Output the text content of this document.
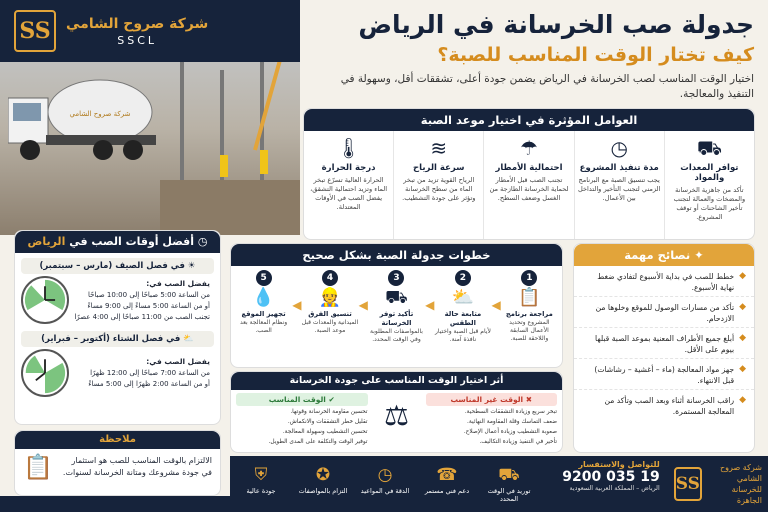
شركة صروح الشامي
SS	شركة صروح الشامي
SSCL
جدولة صب الخرسانة في الرياض
كيف تختار الوقت المناسب للصبة؟
اختيار الوقت المناسب لصب الخرسانة في الرياض يضمن جودة أعلى، تشققات أقل، وسهولة في التنفيذ والمعالجة.
العوامل المؤثرة في اختيار موعد الصبة
⛟
توافر المعدات والمواد
تأكد من جاهزية الخرسانة والمضخات والعمالة لتجنب تأخير الشاحنات أو توقف المشروع.
◷
مدة تنفيذ المشروع
يجب تنسيق الصبة مع البرنامج الزمني لتجنب التأخير والتداخل بين الأعمال.
☂
احتمالية الأمطار
تجنب الصب قبل الأمطار لحماية الخرسانة الطازجة من الغسل وضعف السطح.
≋
سرعة الرياح
الرياح القوية تزيد من تبخر الماء من سطح الخرسانة وتؤثر على جودة التشطيب.
🌡
درجة الحرارة
الحرارة العالية تسرّع تبخر الماء وتزيد احتمالية التشقق، يفضل الصب في الأوقات المعتدلة.
◷ أفضل أوقات الصب في الرياض
☀ في فصل الصيف (مارس – سبتمبر)
يفضل الصب في:
من الساعة 5:00 صباحًا إلى 10:00 صباحًا
أو من الساعة 5:00 مساءً إلى 9:00 مساءً
تجنب الصب من 11:00 صباحًا إلى 4:00 عصرًا
⛅ في فصل الشتاء (أكتوبر – فبراير)
يفضل الصب في:
من الساعة 7:00 صباحًا إلى 12:00 ظهرًا
أو من الساعة 2:00 ظهرًا إلى 5:00 مساءً
خطوات جدولة الصبة بشكل صحيح
1
📋
مراجعة برنامج
المشروع وتحديد الأعمال السابقة واللاحقة للصبة.
◀
2
⛅
متابعة حالة الطقس
لأيام قبل الصبة واختيار نافذة آمنة.
◀
3
⛟
تأكيد توفر الخرسانة
بالمواصفات المطلوبة وفي الوقت المحدد.
◀
4
👷
تنسيق الفرق
الميدانية والمعدات قبل موعد الصبة.
◀
5
💧
تجهيز الموقع
ونظام المعالجة بعد الصب.
أثر اختيار الوقت المناسب على جودة الخرسانة
✖ الوقت غير المناسب
تبخر سريع وزيادة التشققات السطحية.
ضعف التماسك وقلة المقاومة النهائية.
صعوبة التشطيب وزيادة أعمال الإصلاح.
تأخير في التنفيذ وزيادة التكاليف.
⚖
✔ الوقت المناسب
تحسين مقاومة الخرسانة وقوتها.
تقليل خطر التشققات والانكماش.
تحسين التشطيب وسهولة المعالجة.
توفير الوقت والتكلفة على المدى الطويل.
✦ نصائح مهمة
◆
خطط للصب في بداية الأسبوع لتفادي ضغط نهاية الأسبوع.
◆
تأكد من مسارات الوصول للموقع وخلوها من الازدحام.
◆
أبلغ جميع الأطراف المعنية بموعد الصبة قبلها بيوم على الأقل.
◆
جهز مواد المعالجة (ماء – أغشية – رشاشات) قبل الانتهاء.
◆
راقب الخرسانة أثناء وبعد الصب وتأكد من المعالجة المستمرة.
ملاحظة
الالتزام بالوقت المناسب للصب هو استثمار في جودة مشروعك ومتانة الخرسانة لسنوات.
📋	شركة صروح الشامي
للخرسانة الجاهزة
SS
للتواصل والاستفسار
9200 035 19
الرياض – المملكة العربية السعودية
⛟
توريد في الوقت المحدد
☎
دعم فني مستمر
◷
الدقة في المواعيد
✪
التزام بالمواصفات
⛨
جودة عالية
